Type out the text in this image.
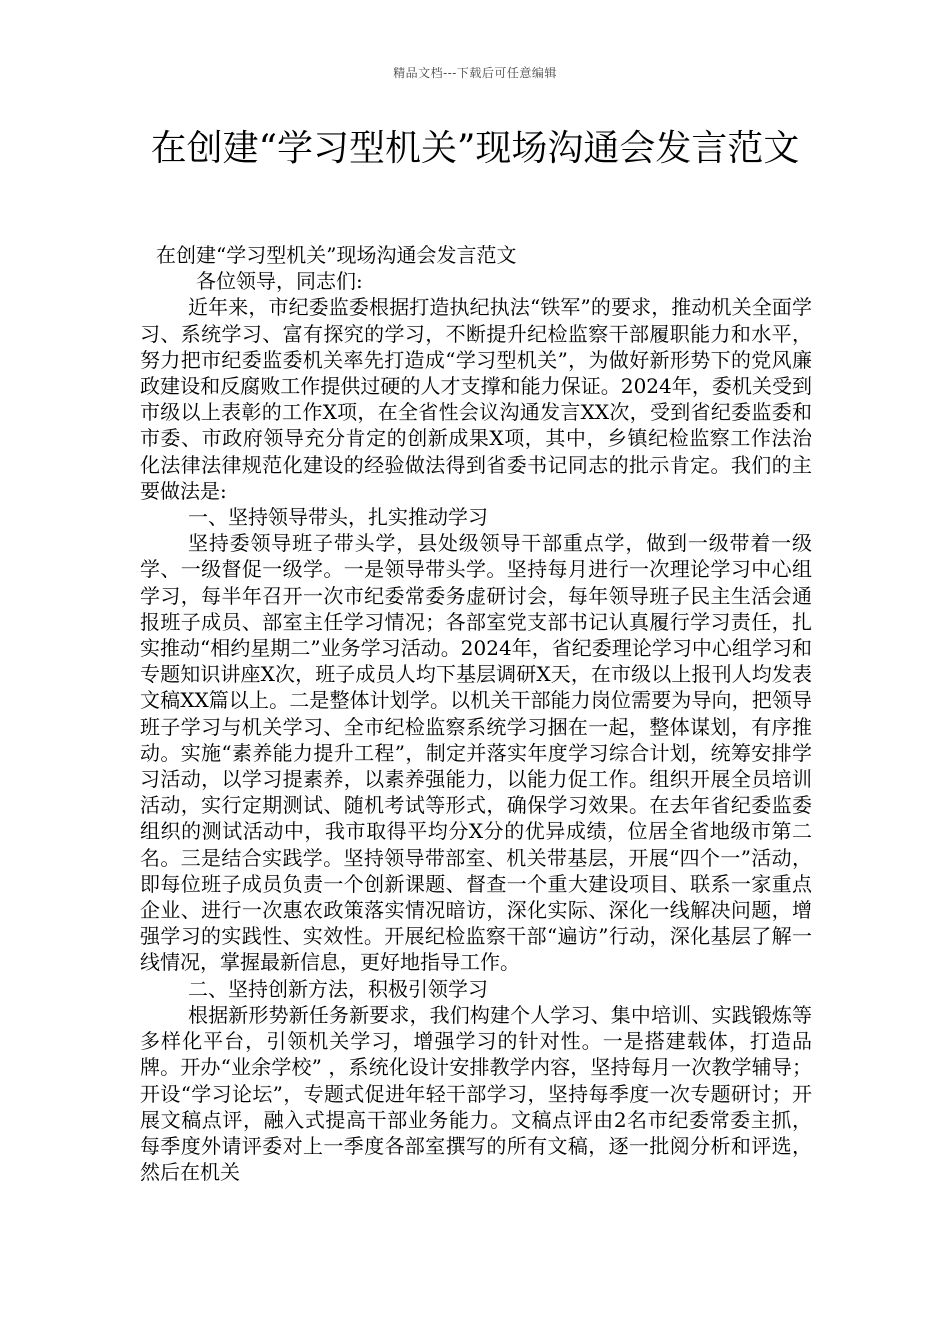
精品文档---下载后可任意编辑
在创建“学习型机关”现场沟通会发言范文

在创建“学习型机关”现场沟通会发言范文

各位领导，同志们:

近年来，市纪委监委根据打造执纪执法“铁军”的要求，推动机关全面学习、系统学习、富有探究的学习，不断提升纪检监察干部履职能力和水平，努力把市纪委监委机关率先打造成“学习型机关”，为做好新形势下的党风廉政建设和反腐败工作提供过硬的人才支撑和能力保证。2024年，委机关受到市级以上表彰的工作X项，在全省性会议沟通发言XX次，受到省纪委监委和市委、市政府领导充分肯定的创新成果X项，其中，乡镇纪检监察工作法治化法律法律规范化建设的经验做法得到省委书记同志的批示肯定。我们的主要做法是:

一、坚持领导带头，扎实推动学习

坚持委领导班子带头学，县处级领导干部重点学，做到一级带着一级学、一级督促一级学。一是领导带头学。坚持每月进行一次理论学习中心组学习，每半年召开一次市纪委常委务虚研讨会，每年领导班子民主生活会通报班子成员、部室主任学习情况；各部室党支部书记认真履行学习责任，扎实推动“相约星期二”业务学习活动。2024年，省纪委理论学习中心组学习和专题知识讲座X次，班子成员人均下基层调研X天，在市级以上报刊人均发表文稿XX篇以上。二是整体计划学。以机关干部能力岗位需要为导向，把领导班子学习与机关学习、全市纪检监察系统学习捆在一起，整体谋划，有序推动。实施“素养能力提升工程”，制定并落实年度学习综合计划，统筹安排学习活动，以学习提素养，以素养强能力，以能力促工作。组织开展全员培训活动，实行定期测试、随机考试等形式，确保学习效果。在去年省纪委监委组织的测试活动中，我市取得平均分X分的优异成绩，位居全省地级市第二名。三是结合实践学。坚持领导带部室、机关带基层，开展“四个一”活动，即每位班子成员负责一个创新课题、督查一个重大建设项目、联系一家重点企业、进行一次惠农政策落实情况暗访，深化实际、深化一线解决问题，增强学习的实践性、实效性。开展纪检监察干部“遍访”行动，深化基层了解一线情况，掌握最新信息，更好地指导工作。

二、坚持创新方法，积极引领学习

根据新形势新任务新要求，我们构建个人学习、集中培训、实践锻炼等多样化平台，引领机关学习，增强学习的针对性。一是搭建载体，打造品牌。开办“业余学校” ，系统化设计安排教学内容，坚持每月一次教学辅导；开设“学习论坛”，专题式促进年轻干部学习，坚持每季度一次专题研讨；开展文稿点评，融入式提高干部业务能力。文稿点评由2名市纪委常委主抓，每季度外请评委对上一季度各部室撰写的所有文稿，逐一批阅分析和评选，然后在机关
